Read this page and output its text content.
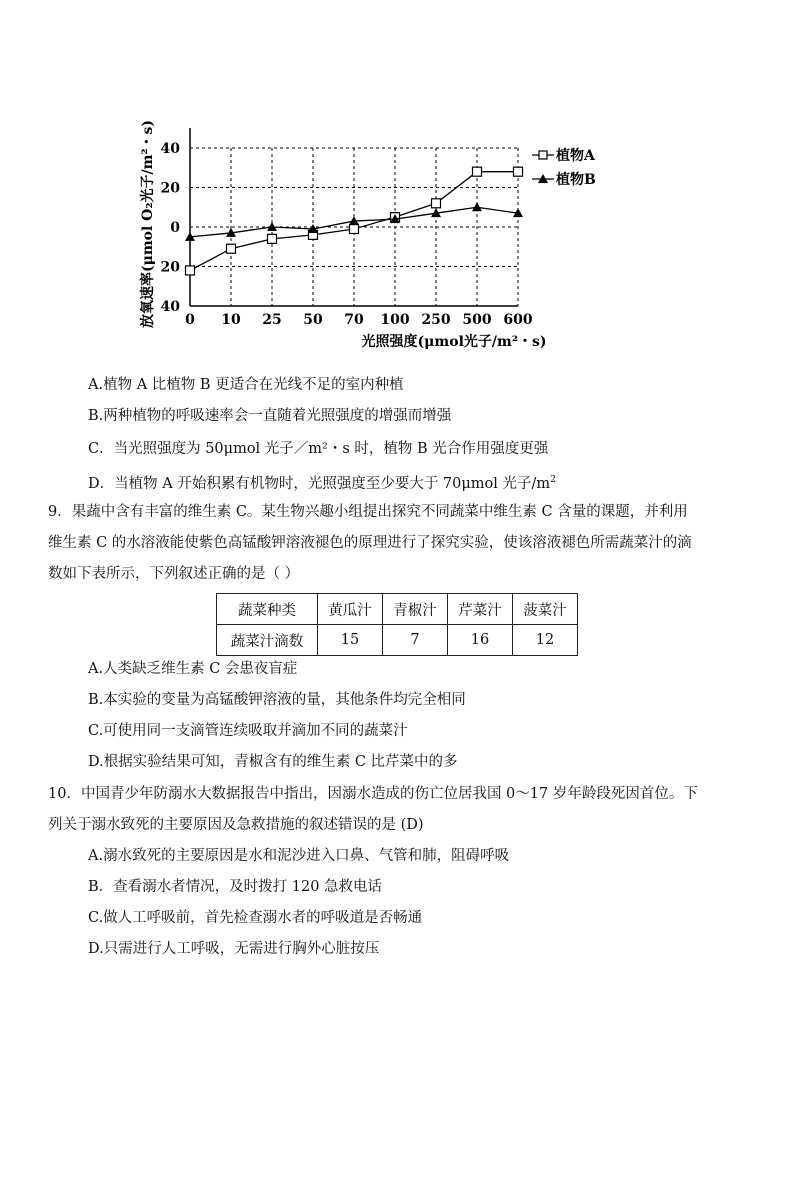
40
20
0
20
40
0 10 25 50 70 100 250 500 600
放氧速率(μmol O₂光子/m²・s)
光照强度(μmol光子/m²・s)
植物A
植物B
A.植物 A 比植物 B 更适合在光线不足的室内种植
B.两种植物的呼吸速率会一直随着光照强度的增强而增强
C．当光照强度为 50μmol 光子／m²・s 时，植物 B 光合作用强度更强
D．当植物 A 开始积累有机物时，光照强度至少要大于 70μmol 光子$/m^2$
9．果蔬中含有丰富的维生素 C。某生物兴趣小组提出探究不同蔬菜中维生素 C 含量的课题，并利用
维生素 C 的水溶液能使紫色高锰酸钾溶液褪色的原理进行了探究实验，使该溶液褪色所需蔬菜汁的滴
数如下表所示，下列叙述正确的是（ ）
蔬菜种类	黄瓜汁	青椒汁	芹菜汁	菠菜汁
蔬菜汁滴数	15	7	16	12
A.人类缺乏维生素 C 会患夜盲症
B.本实验的变量为高锰酸钾溶液的量，其他条件均完全相同
C.可使用同一支滴管连续吸取并滴加不同的蔬菜汁
D.根据实验结果可知，青椒含有的维生素 C 比芹菜中的多
10．中国青少年防溺水大数据报告中指出，因溺水造成的伤亡位居我国 0～17 岁年龄段死因首位。下
列关于溺水致死的主要原因及急救措施的叙述错误的是 (D)
A.溺水致死的主要原因是水和泥沙进入口鼻、气管和肺，阻碍呼吸
B．查看溺水者情况，及时拨打 120 急救电话
C.做人工呼吸前，首先检查溺水者的呼吸道是否畅通
D.只需进行人工呼吸，无需进行胸外心脏按压
